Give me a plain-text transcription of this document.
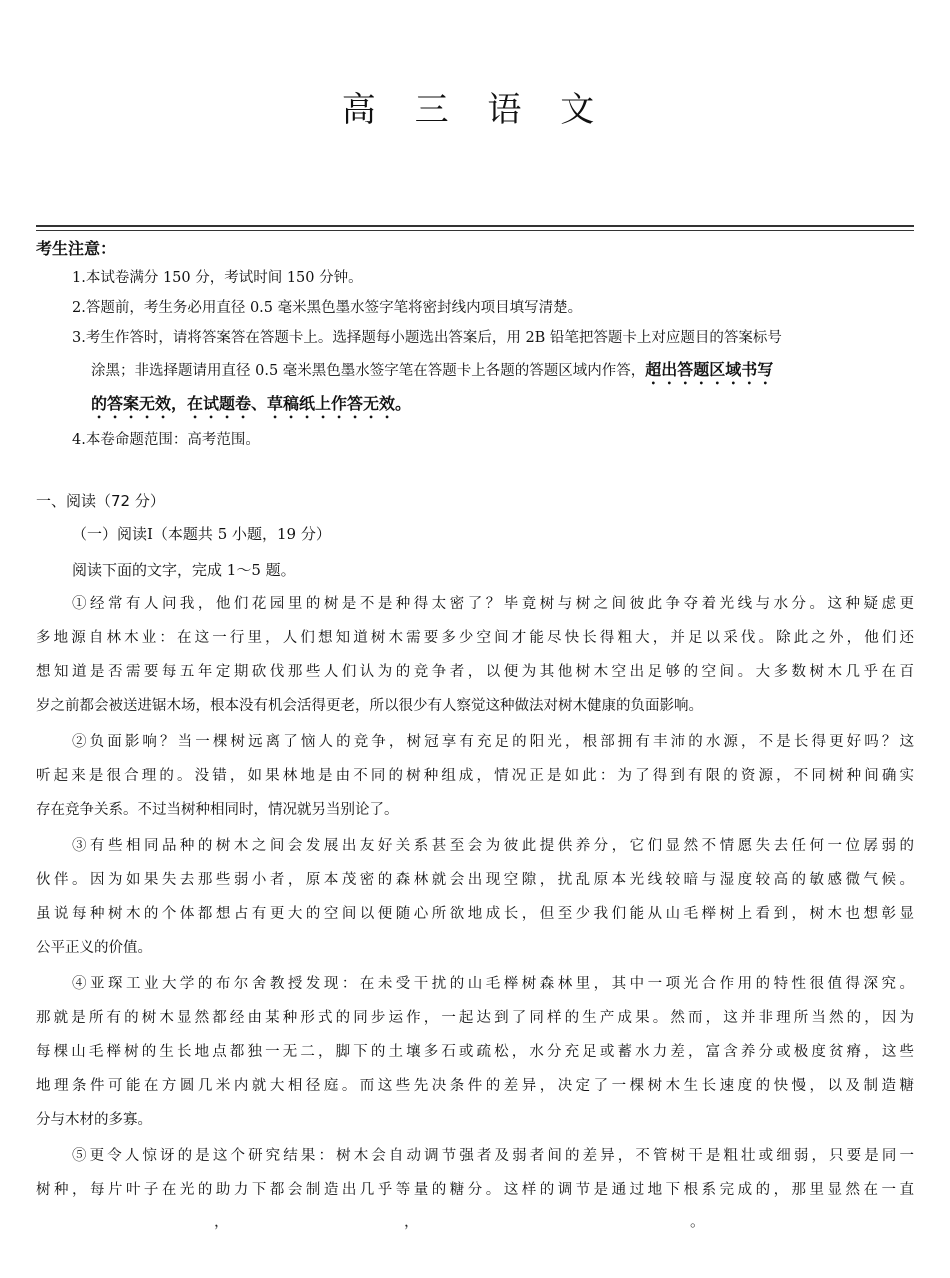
高 三 语 文
考生注意：
1.本试卷满分 150 分，考试时间 150 分钟。
2.答题前，考生务必用直径 0.5 毫米黑色墨水签字笔将密封线内项目填写清楚。
3.考生作答时，请将答案答在答题卡上。选择题每小题选出答案后，用 2B 铅笔把答题卡上对应题目的答案标号
涂黑；非选择题请用直径 0.5 毫米黑色墨水签字笔在答题卡上各题的答题区域内作答，超出答题区域书写
的答案无效，在试题卷、草稿纸上作答无效。
4.本卷命题范围：高考范围。
一、阅读（72 分）
（一）阅读Ⅰ（本题共 5 小题，19 分）
阅读下面的文字，完成 1～5 题。
①经常有人问我，他们花园里的树是不是种得太密了？毕竟树与树之间彼此争夺着光线与水分。这种疑虑更
多地源自林木业：在这一行里，人们想知道树木需要多少空间才能尽快长得粗大，并足以采伐。除此之外，他们还
想知道是否需要每五年定期砍伐那些人们认为的竞争者，以便为其他树木空出足够的空间。大多数树木几乎在百
岁之前都会被送进锯木场，根本没有机会活得更老，所以很少有人察觉这种做法对树木健康的负面影响。
②负面影响？当一棵树远离了恼人的竞争，树冠享有充足的阳光，根部拥有丰沛的水源，不是长得更好吗？这
听起来是很合理的。没错，如果林地是由不同的树种组成，情况正是如此：为了得到有限的资源，不同树种间确实
存在竞争关系。不过当树种相同时，情况就另当别论了。
③有些相同品种的树木之间会发展出友好关系甚至会为彼此提供养分，它们显然不情愿失去任何一位孱弱的
伙伴。因为如果失去那些弱小者，原本茂密的森林就会出现空隙，扰乱原本光线较暗与湿度较高的敏感微气候。
虽说每种树木的个体都想占有更大的空间以便随心所欲地成长，但至少我们能从山毛榉树上看到，树木也想彰显
公平正义的价值。
④亚琛工业大学的布尔舍教授发现：在未受干扰的山毛榉树森林里，其中一项光合作用的特性很值得深究。
那就是所有的树木显然都经由某种形式的同步运作，一起达到了同样的生产成果。然而，这并非理所当然的，因为
每棵山毛榉树的生长地点都独一无二，脚下的土壤多石或疏松，水分充足或蓄水力差，富含养分或极度贫瘠，这些
地理条件可能在方圆几米内就大相径庭。而这些先决条件的差异，决定了一棵树木生长速度的快慢，以及制造糖
分与木材的多寡。
⑤更令人惊讶的是这个研究结果：树木会自动调节强者及弱者间的差异，不管树干是粗壮或细弱，只要是同一
树种，每片叶子在光的助力下都会制造出几乎等量的糖分。这样的调节是通过地下根系完成的，那里显然在一直
，	，	。
